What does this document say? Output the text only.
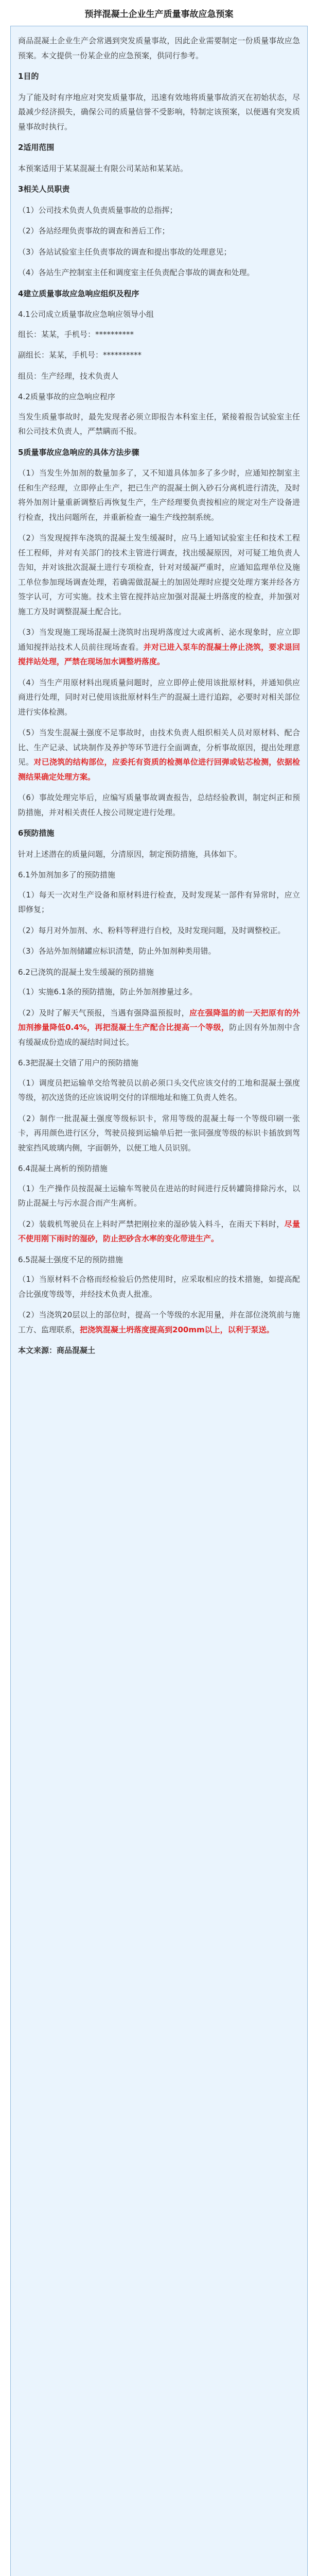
预拌混凝土企业生产质量事故应急预案

商品混凝土企业生产会常遇到突发质量事故，因此企业需要制定一份质量事故应急预案。本文提供一份某企业的应急预案，供同行参考。

1目的

为了能及时有序地应对突发质量事故，迅速有效地将质量事故消灭在初始状态，尽最减少经济损失，确保公司的质量信誉不受影响，特制定该预案，以便遇有突发质量事故时执行。

2适用范围

本预案适用于某某混凝土有限公司某站和某某站。

3相关人员职责

（1）公司技术负责人负责质量事故的总指挥；

（2）各站经理负责事故的调查和善后工作；

（3）各站试验室主任负责事故的调查和提出事故的处理意见；

（4）各站生产控制室主任和调度室主任负责配合事故的调查和处理。

4建立质量事故应急响应组织及程序

4.1公司成立质量事故应急响应领导小组

组长：某某，手机号：**********

副组长：某某，手机号：**********

组员：生产经理，技术负责人

4.2质量事故的应急响应程序

当发生质量事故时，最先发现者必须立即报告本科室主任，紧接着报告试验室主任和公司技术负责人，严禁瞒而不报。

5质量事故应急响应的具体方法步骤

（1）当发生外加剂的数量加多了，又不知道具体加多了多少时，应通知控制室主任和生产经理，立即停止生产，把已生产的混凝土倒入砂石分离机进行清洗，及时将外加剂计量重新调整后再恢复生产，生产经理要负责按相应的规定对生产设备进行检查，找出问题所在，并重新检查一遍生产线控制系统。

（2）当发现搅拌车浇筑的混凝土发生缓凝时，应马上通知试验室主任和技术工程任工程师，并对有关部门的技术主管进行调查，找出缓凝原因，对可疑工地负责人告知，并对该批次混凝土进行专项检查，针对对缓凝严重时，应通知监理单位及施工单位参加现场调查处理，若确需做混凝土的加固处理时应提交处理方案并经各方签字认可，方可实施。技术主管在搅拌站应加强对混凝土坍落度的检查，并加强对施工方及时调整混凝土配合比。

（3）当发现施工现场混凝土浇筑时出现坍落度过大或离析、泌水现象时，应立即通知搅拌站技术人员前往现场查看。并对已进入泵车的混凝土停止浇筑，要求退回搅拌站处理，严禁在现场加水调整坍落度。

（4）当生产用原材料出现质量问题时，应立即停止使用该批原材料，并通知供应商进行处理，同时对已使用该批原材料生产的混凝土进行追踪，必要时对相关部位进行实体检测。

（5）当发生混凝土强度不足事故时，由技术负责人组织相关人员对原材料、配合比、生产记录、试块制作及养护等环节进行全面调查，分析事故原因，提出处理意见。对已浇筑的结构部位，应委托有资质的检测单位进行回弹或钻芯检测，依据检测结果确定处理方案。

（6）事故处理完毕后，应编写质量事故调查报告，总结经验教训，制定纠正和预防措施，并对相关责任人按公司规定进行处理。

6预防措施

针对上述潜在的质量问题，分清原因，制定预防措施，具体如下。

6.1外加剂加多了的预防措施

（1）每天一次对生产设备和原材料进行检查，及时发现某一部件有异常时，应立即修复；

（2）每月对外加剂、水、粉料等秤进行自校，及时发现问题，及时调整校正。

（3）各站外加剂储罐应标识清楚，防止外加剂种类用错。

6.2已浇筑的混凝土发生缓凝的预防措施

（1）实施6.1条的预防措施，防止外加剂掺量过多。

（2）及时了解天气预报，当遇有强降温预报时，应在强降温的前一天把原有的外加剂掺量降低0.4%，再把混凝土生产配合比提高一个等级，防止因有外加剂中含有缓凝成份造成的凝结时间过长。

6.3把混凝土交错了用户的预防措施

（1）调度员把运输单交给驾驶员以前必须口头交代应该交付的工地和混凝土强度等级，初次送货的还应该说明交付的详细地址和施工负责人姓名。

（2）制作一批混凝土强度等级标识卡，常用等级的混凝土每一个等级印刷一张卡，再用颜色进行区分，驾驶员接到运输单后把一张同强度等级的标识卡插放到驾驶室挡风玻璃内侧，字面朝外，以便工地人员识别。

6.4混凝土离析的预防措施

（1）生产操作员按混凝土运输车驾驶员在进站的时间进行反转罐筒排除污水，以防止混凝土与污水混合而产生离析。

（2）装载机驾驶员在上料时严禁把刚拉来的湿砂装入料斗，在雨天下料时，尽量不使用刚下雨时的湿砂，防止把砂含水率的变化带进生产。

6.5混凝土强度不足的预防措施

（1）当原材料不合格而经检验后仍然使用时，应采取相应的技术措施，如提高配合比强度等级等，并经技术负责人批准。

（2）当浇筑20层以上的部位时，提高一个等级的水泥用量，并在部位浇筑前与施工方、监理联系，把浇筑混凝土坍落度提高到200mm以上，以利于泵送。

本文来源：商品混凝土
